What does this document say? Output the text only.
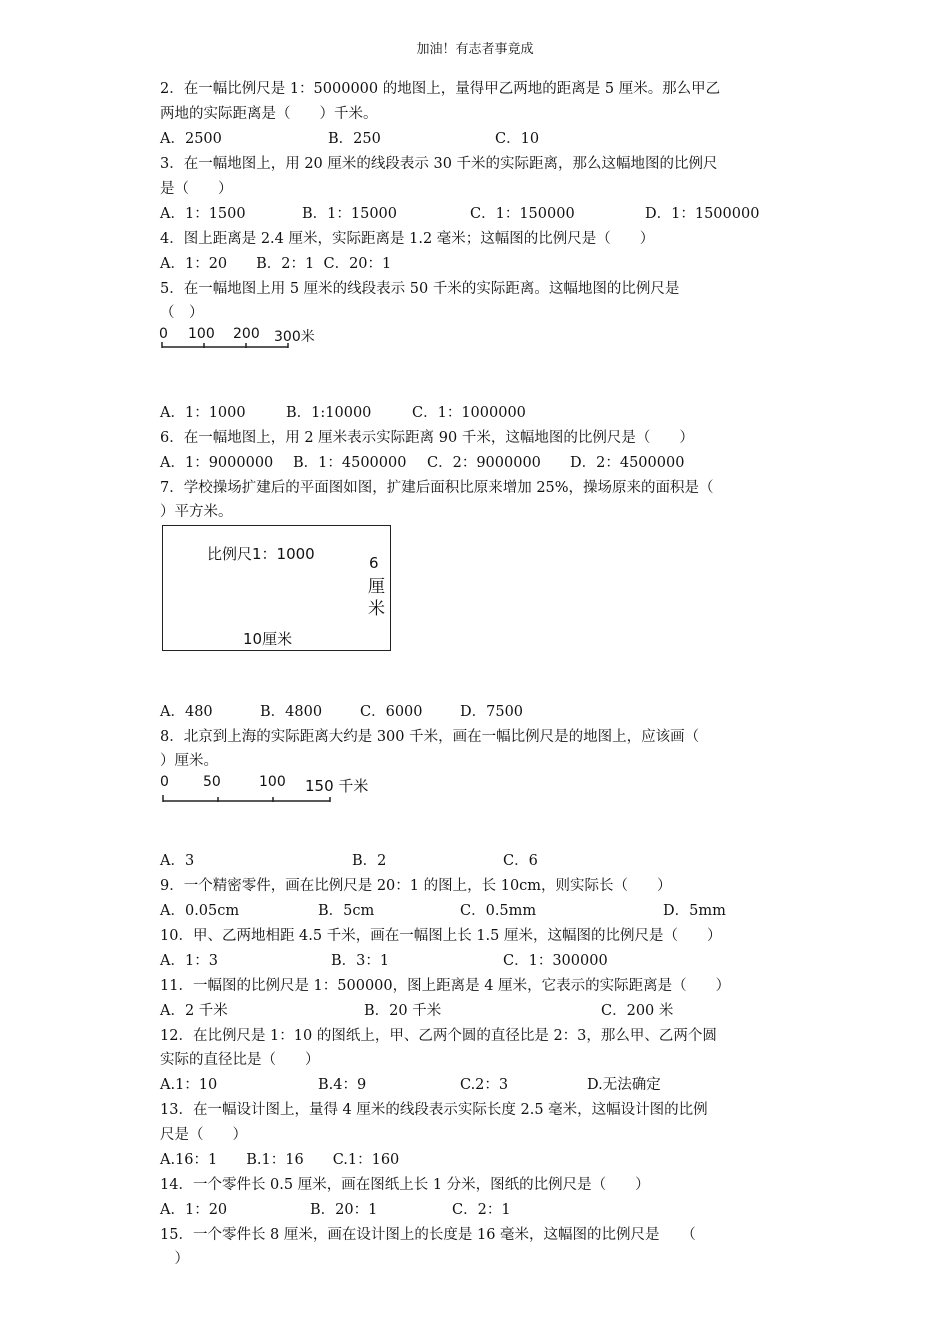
加油！有志者事竟成
2．在一幅比例尺是 1：5000000 的地图上，量得甲乙两地的距离是 5 厘米。那么甲乙
两地的实际距离是（　　）千米。
A．2500	B．250	C．10
3．在一幅地图上，用 20 厘米的线段表示 30 千米的实际距离，那么这幅地图的比例尺
是（　　）
A．1：1500	B．1：15000	C．1：150000	D．1：1500000
4．图上距离是 2.4 厘米，实际距离是 1.2 毫米；这幅图的比例尺是（　　）
A．1：20　　B．2：1  C．20：1
5．在一幅地图上用 5 厘米的线段表示 50 千米的实际距离。这幅地图的比例尺是
（　）
0 100 200 300米
A．1：1000	B．1:10000	C．1：1000000
6．在一幅地图上，用 2 厘米表示实际距离 90 千米，这幅地图的比例尺是（　　）
A．1：9000000 B．1：4500000 C．2：9000000 D．2：4500000
7．学校操场扩建后的平面图如图，扩建后面积比原来增加 25%，操场原来的面积是（
）平方米。
比例尺1：1000	6
厘
米
10厘米
A．480	B．4800	C．6000	D．7500
8．北京到上海的实际距离大约是 300 千米，画在一幅比例尺是的地图上，应该画（
）厘米。
0 50	100 150 千米
A．3	B．2	C．6
9．一个精密零件，画在比例尺是 20：1 的图上，长 10cm，则实际长（　　）
A．0.05cm	B．5cm	C．0.5mm	D．5mm
10．甲、乙两地相距 4.5 千米，画在一幅图上长 1.5 厘米，这幅图的比例尺是（　　）
A．1：3	B．3：1	C．1：300000
11．一幅图的比例尺是 1：500000，图上距离是 4 厘米，它表示的实际距离是（　　）
A．2 千米	B．20 千米	C．200 米
12．在比例尺是 1：10 的图纸上，甲、乙两个圆的直径比是 2：3，那么甲、乙两个圆
实际的直径比是（　　）
A.1：10	B.4：9	C.2：3	D.无法确定
13．在一幅设计图上，量得 4 厘米的线段表示实际长度 2.5 毫米，这幅设计图的比例
尺是（　　）
A.16：1　　B.1：16　　C.1：160
14．一个零件长 0.5 厘米，画在图纸上长 1 分米，图纸的比例尺是（　　）
A．1：20	B．20：1	C．2：1
15．一个零件长 8 厘米，画在设计图上的长度是 16 毫米，这幅图的比例尺是　　（
　）
